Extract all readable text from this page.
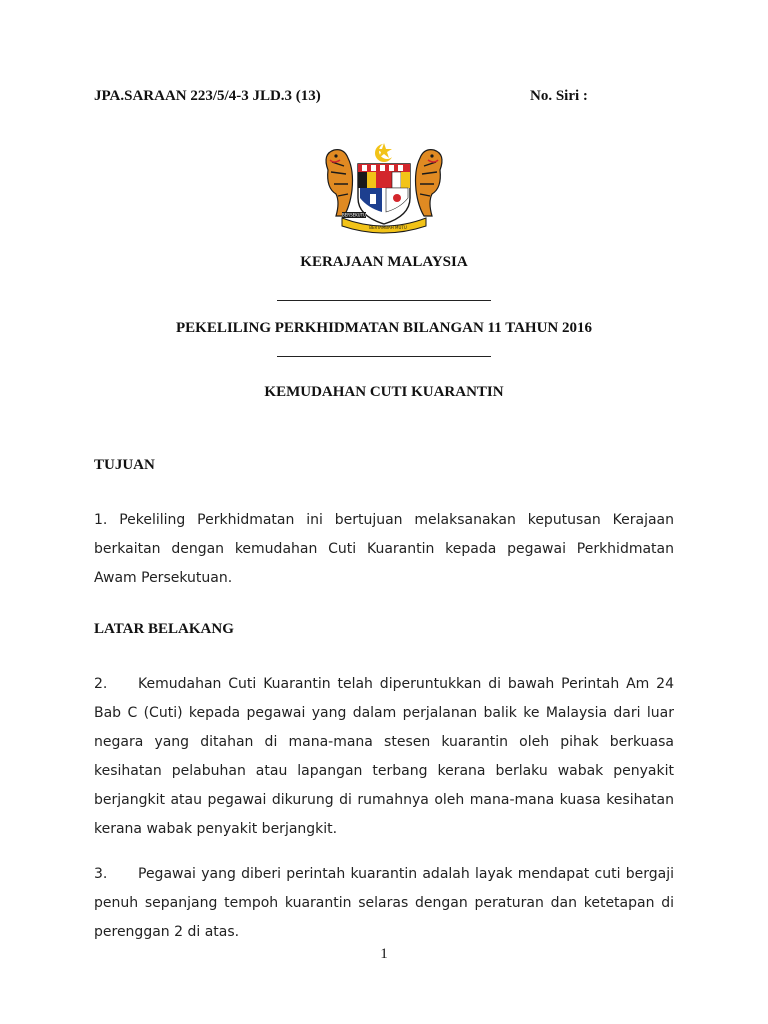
JPA.SARAAN 223/5/4-3 JLD.3 (13)	No. Siri :
BERSEKUTU
BERTAMBAH MUTU
KERAJAAN MALAYSIA
PEKELILING PERKHIDMATAN BILANGAN 11 TAHUN 2016
KEMUDAHAN CUTI KUARANTIN
TUJUAN
1. Pekeliling Perkhidmatan ini bertujuan melaksanakan keputusan Kerajaan berkaitan dengan kemudahan Cuti Kuarantin kepada pegawai Perkhidmatan Awam Persekutuan.
LATAR BELAKANG
2. Kemudahan Cuti Kuarantin telah diperuntukkan di bawah Perintah Am 24 Bab C (Cuti) kepada pegawai yang dalam perjalanan balik ke Malaysia dari luar negara yang ditahan di mana-mana stesen kuarantin oleh pihak berkuasa kesihatan pelabuhan atau lapangan terbang kerana berlaku wabak penyakit berjangkit atau pegawai dikurung di rumahnya oleh mana-mana kuasa kesihatan kerana wabak penyakit berjangkit.
3. Pegawai yang diberi perintah kuarantin adalah layak mendapat cuti bergaji penuh sepanjang tempoh kuarantin selaras dengan peraturan dan ketetapan di perenggan 2 di atas.
1
